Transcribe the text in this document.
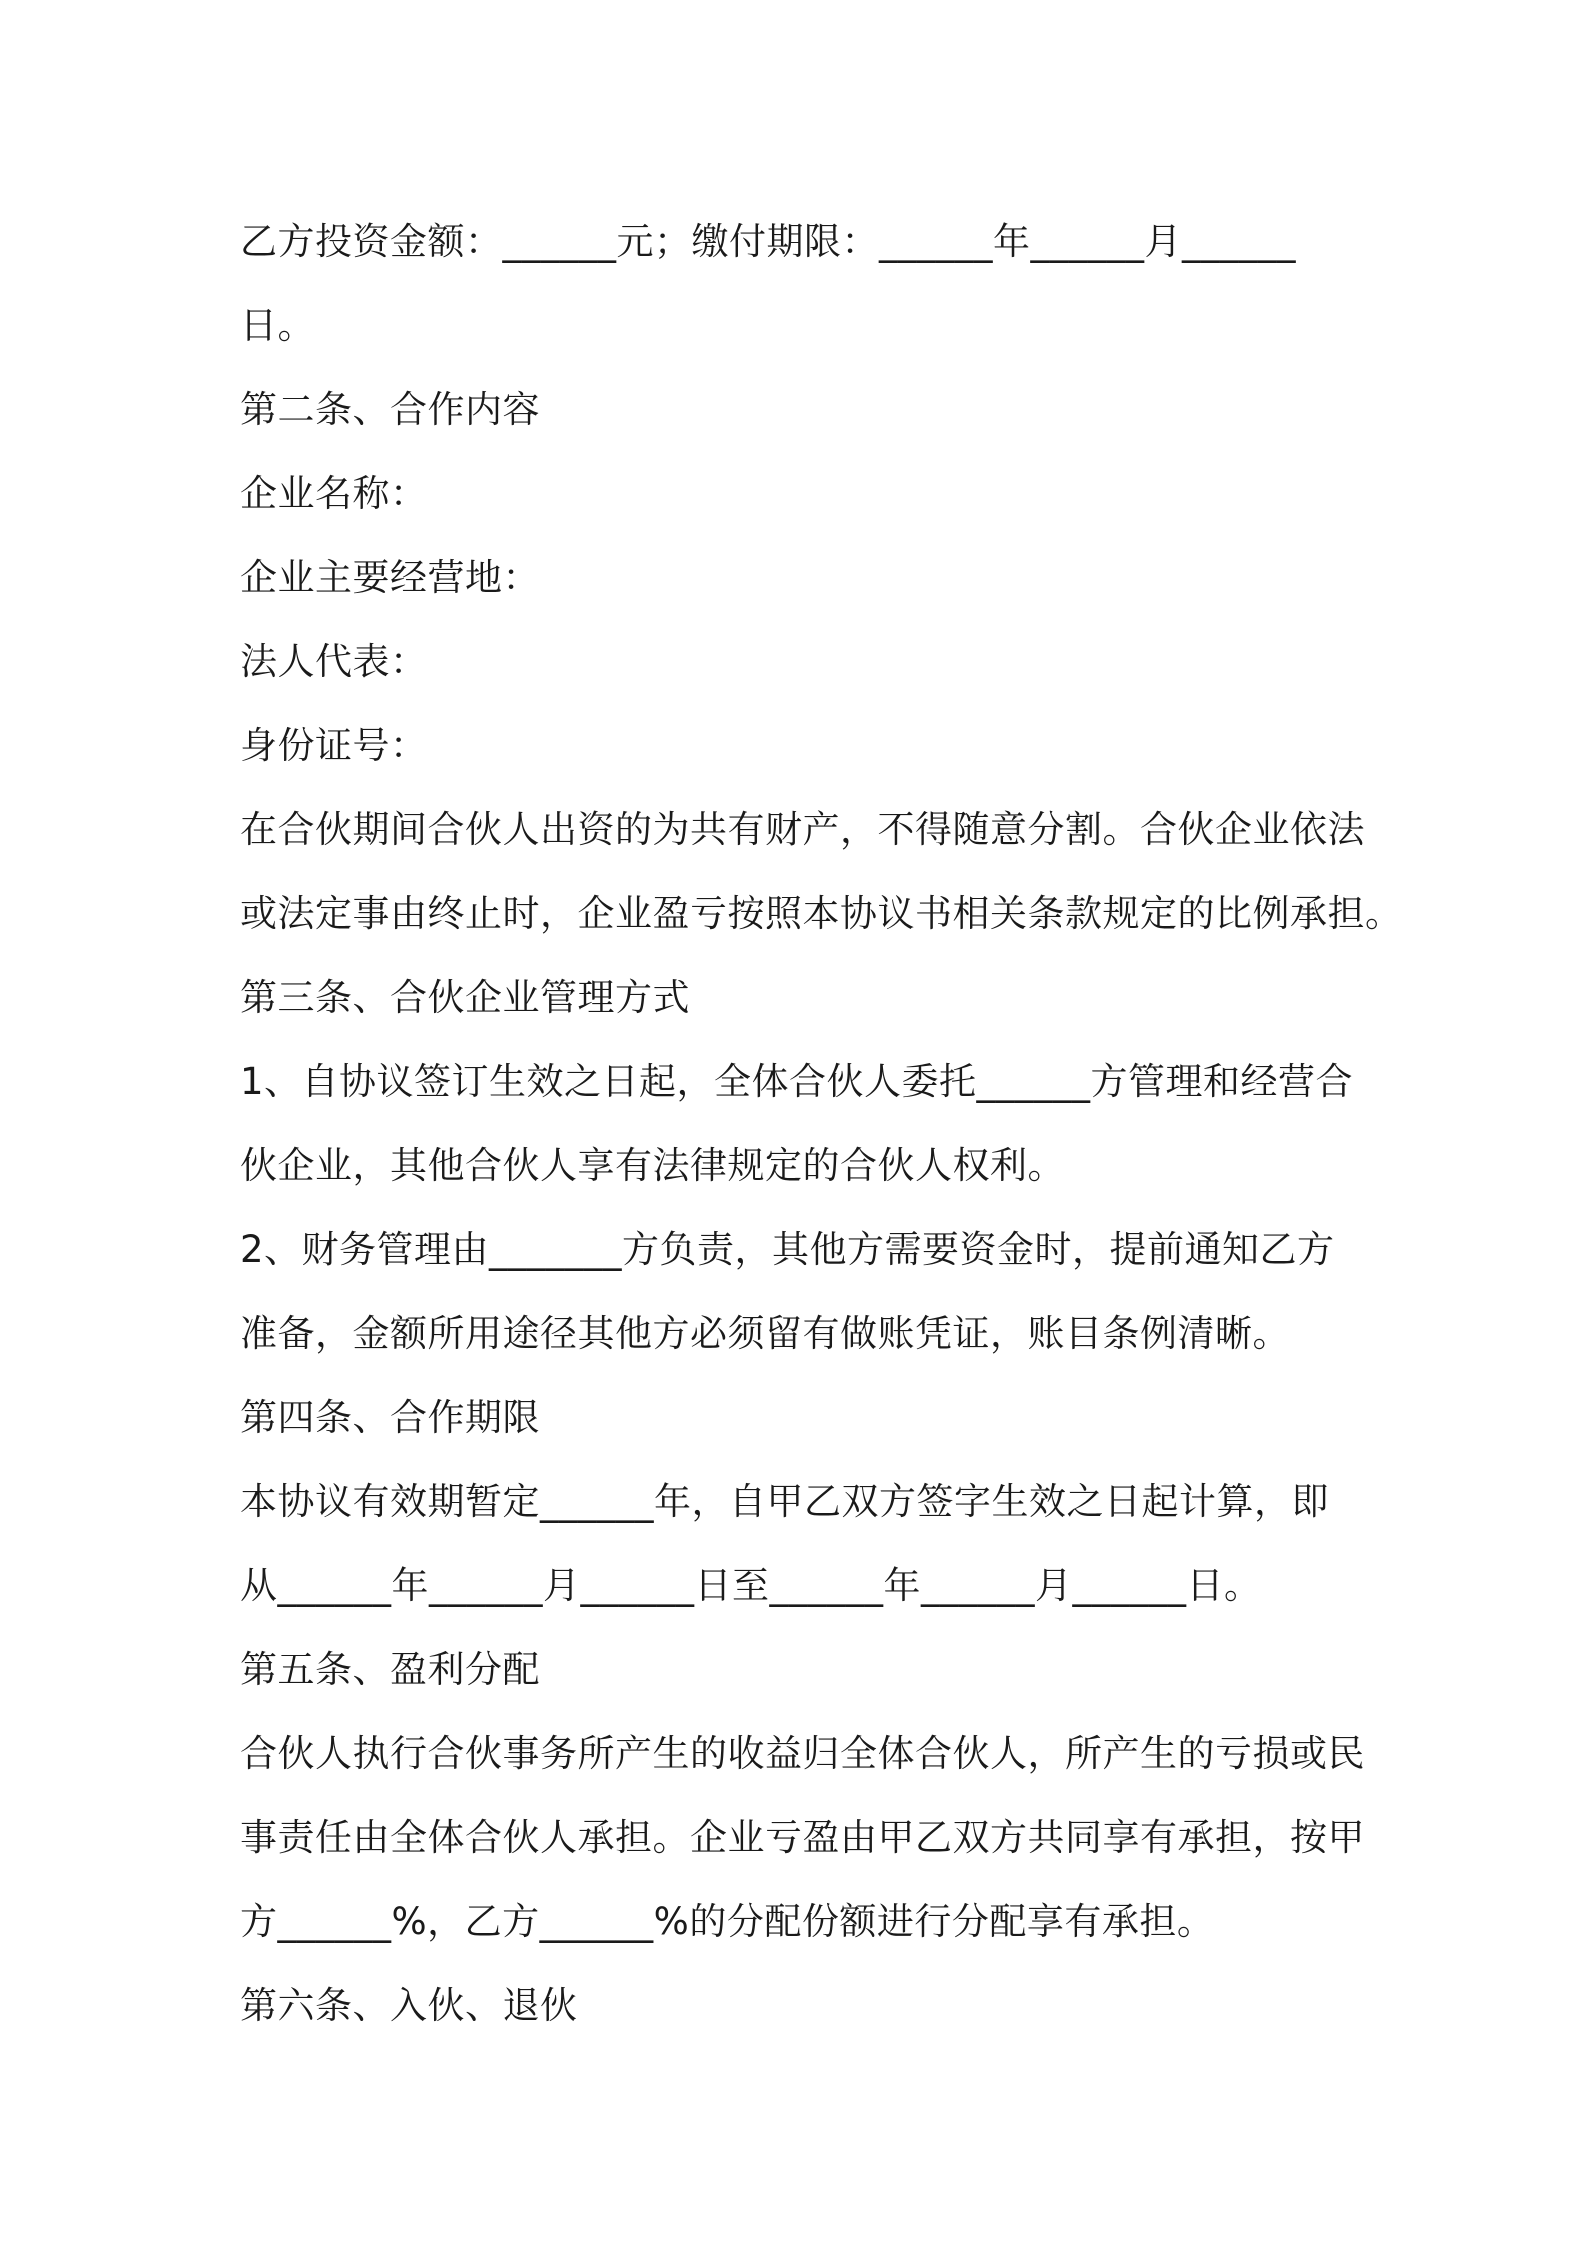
乙方投资金额：______元；缴付期限：______年______月______
日。
第二条、合作内容
企业名称：
企业主要经营地：
法人代表：
身份证号：
在合伙期间合伙人出资的为共有财产，不得随意分割。合伙企业依法
或法定事由终止时，企业盈亏按照本协议书相关条款规定的比例承担。
第三条、合伙企业管理方式
1、自协议签订生效之日起，全体合伙人委托______方管理和经营合
伙企业，其他合伙人享有法律规定的合伙人权利。
2、财务管理由_______方负责，其他方需要资金时，提前通知乙方
准备，金额所用途径其他方必须留有做账凭证，账目条例清晰。
第四条、合作期限
本协议有效期暂定______年，自甲乙双方签字生效之日起计算，即
从______年______月______日至______年______月______日。
第五条、盈利分配
合伙人执行合伙事务所产生的收益归全体合伙人，所产生的亏损或民
事责任由全体合伙人承担。企业亏盈由甲乙双方共同享有承担，按甲
方______%，乙方______%的分配份额进行分配享有承担。
第六条、入伙、退伙
